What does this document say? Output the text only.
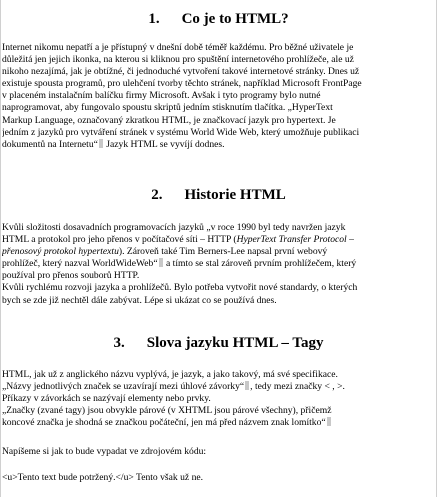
1. Co je to HTML?
Internet nikomu nepatří a je přístupný v dnešní době téměř každému. Pro běžné uživatele je
důležitá jen jejich ikonka, na kterou si kliknou pro spuštění internetového prohlížeče, ale už
nikoho nezajímá, jak je obtížné, či jednoduché vytvoření takové internetové stránky. Dnes už
existuje spousta programů, pro ulehčení tvorby těchto stránek, například Microsoft FrontPage
v placeném instalačním balíčku firmy Microsoft. Avšak i tyto programy bylo nutné
naprogramovat, aby fungovalo spoustu skriptů jedním stisknutím tlačítka. „HyperText
Markup Language, označovaný zkratkou HTML, je značkovací jazyk pro hypertext. Je
jedním z jazyků pro vytváření stránek v systému World Wide Web, který umožňuje publikaci
dokumentů na Internetu“ Jazyk HTML se vyvíjí dodnes.
2. Historie HTML
Kvůli složitosti dosavadních programovacích jazyků „v roce 1990 byl tedy navržen jazyk
HTML a protokol pro jeho přenos v počítačové síti – HTTP (HyperText Transfer Protocol –
přenosový protokol hypertextu). Zároveň také Tim Berners-Lee napsal první webový
prohlížeč, který nazval WorldWideWeb“ a tímto se stal zároveň prvním prohlížečem, který
používal pro přenos souborů HTTP.
Kvůli rychlému rozvoji jazyka a prohlížečů. Bylo potřeba vytvořit nové standardy, o kterých
bych se zde již nechtěl dále zabývat. Lépe si ukázat co se používá dnes.
3. Slova jazyku HTML – Tagy
HTML, jak už z anglického názvu vyplývá, je jazyk, a jako takový, má své specifikace.
„Názvy jednotlivých značek se uzavírají mezi úhlové závorky“ , tedy mezi značky < , >.
Příkazy v závorkách se nazývají elementy nebo prvky.
„Značky (zvané tagy) jsou obvykle párové (v XHTML jsou párové všechny), přičemž
koncové značka je shodná se značkou počáteční, jen má před názvem znak lomítko“
Napíšeme si jak to bude vypadat ve zdrojovém kódu:
<u>Tento text bude potržený.</u> Tento však už ne.
